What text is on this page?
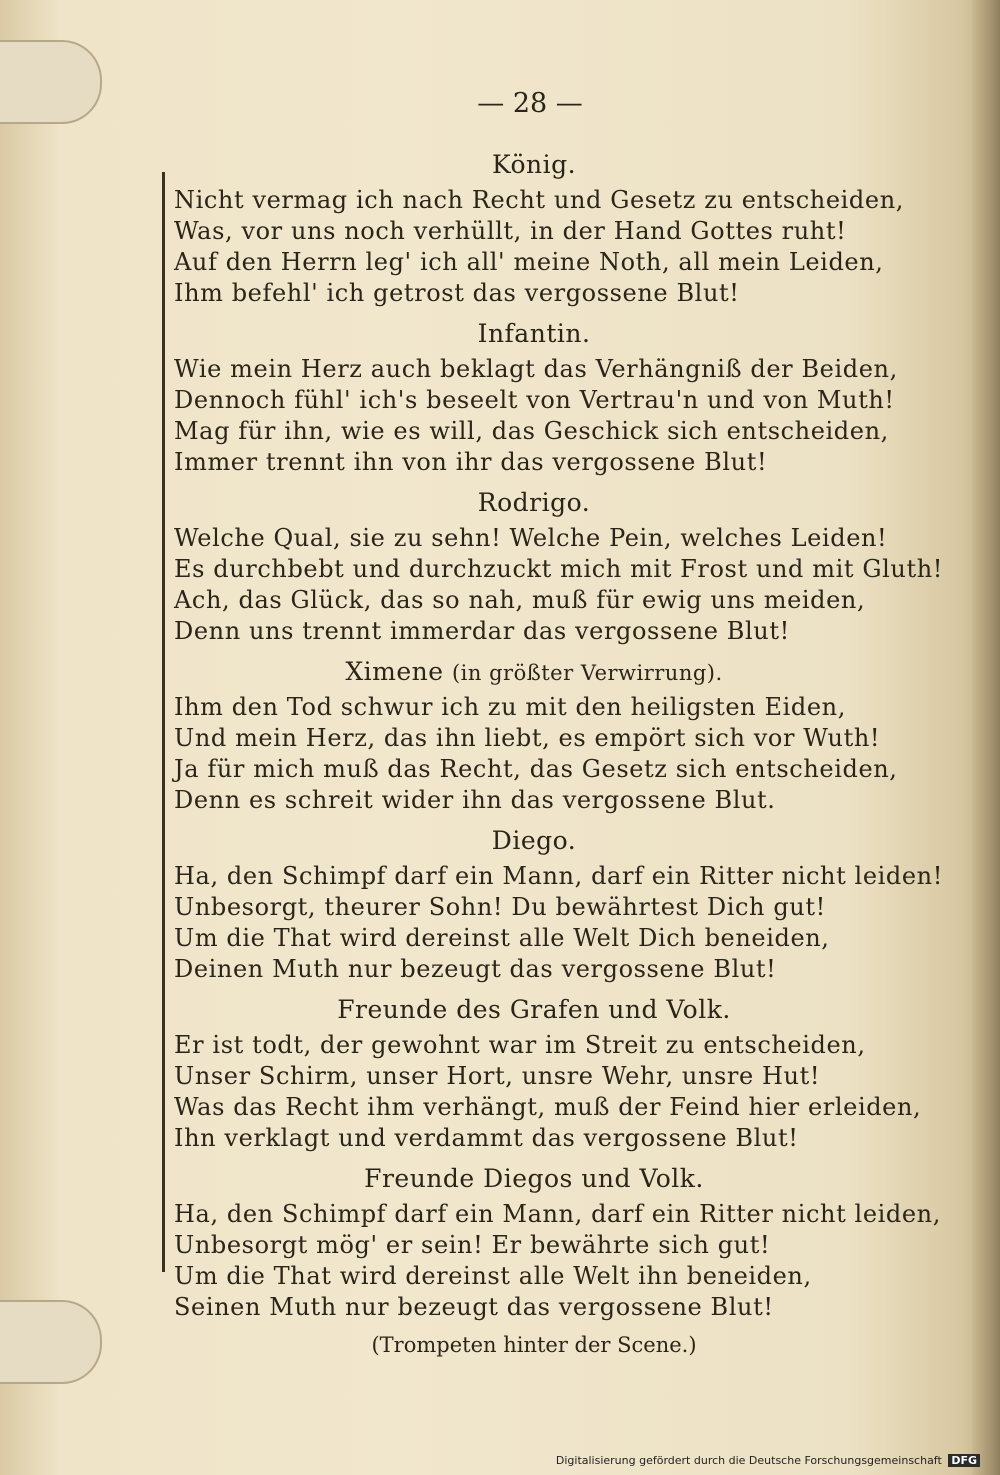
— 28 —
König.
Nicht vermag ich nach Recht und Gesetz zu entscheiden,
Was, vor uns noch verhüllt, in der Hand Gottes ruht!
Auf den Herrn leg' ich all' meine Noth, all mein Leiden,
Ihm befehl' ich getrost das vergossene Blut!
Infantin.
Wie mein Herz auch beklagt das Verhängniß der Beiden,
Dennoch fühl' ich's beseelt von Vertrau'n und von Muth!
Mag für ihn, wie es will, das Geschick sich entscheiden,
Immer trennt ihn von ihr das vergossene Blut!
Rodrigo.
Welche Qual, sie zu sehn! Welche Pein, welches Leiden!
Es durchbebt und durchzuckt mich mit Frost und mit Gluth!
Ach, das Glück, das so nah, muß für ewig uns meiden,
Denn uns trennt immerdar das vergossene Blut!
Ximene (in größter Verwirrung).
Ihm den Tod schwur ich zu mit den heiligsten Eiden,
Und mein Herz, das ihn liebt, es empört sich vor Wuth!
Ja für mich muß das Recht, das Gesetz sich entscheiden,
Denn es schreit wider ihn das vergossene Blut.
Diego.
Ha, den Schimpf darf ein Mann, darf ein Ritter nicht leiden!
Unbesorgt, theurer Sohn! Du bewährtest Dich gut!
Um die That wird dereinst alle Welt Dich beneiden,
Deinen Muth nur bezeugt das vergossene Blut!
Freunde des Grafen und Volk.
Er ist todt, der gewohnt war im Streit zu entscheiden,
Unser Schirm, unser Hort, unsre Wehr, unsre Hut!
Was das Recht ihm verhängt, muß der Feind hier erleiden,
Ihn verklagt und verdammt das vergossene Blut!
Freunde Diegos und Volk.
Ha, den Schimpf darf ein Mann, darf ein Ritter nicht leiden,
Unbesorgt mög' er sein! Er bewährte sich gut!
Um die That wird dereinst alle Welt ihn beneiden,
Seinen Muth nur bezeugt das vergossene Blut!
(Trompeten hinter der Scene.)
Digitalisierung gefördert durch die Deutsche Forschungsgemeinschaft DFG
